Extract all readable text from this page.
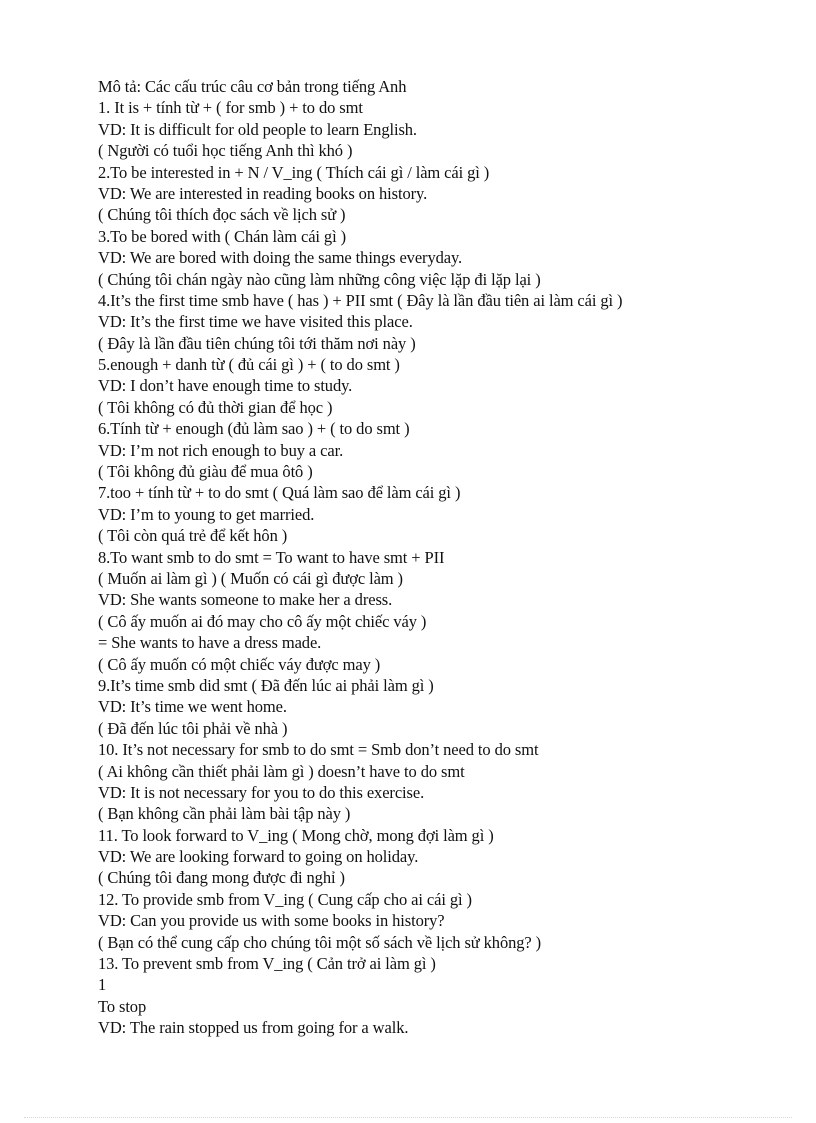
Mô tả: Các cấu trúc câu cơ bản trong tiếng Anh
1. It is + tính từ + ( for smb ) + to do smt
VD: It is difficult for old people to learn English.
( Người có tuổi học tiếng Anh thì khó )
2.To be interested in + N / V_ing ( Thích cái gì / làm cái gì )
VD: We are interested in reading books on history.
( Chúng tôi thích đọc sách về lịch sử )
3.To be bored with ( Chán làm cái gì )
VD: We are bored with doing the same things everyday.
( Chúng tôi chán ngày nào cũng làm những công việc lặp đi lặp lại )
4.It’s the first time smb have ( has ) + PII smt ( Đây là lần đầu tiên ai làm cái gì )
VD: It’s the first time we have visited this place.
( Đây là lần đầu tiên chúng tôi tới thăm nơi này )
5.enough + danh từ ( đủ cái gì ) + ( to do smt )
VD: I don’t have enough time to study.
( Tôi không có đủ thời gian để học )
6.Tính từ + enough (đủ làm sao ) + ( to do smt )
VD: I’m not rich enough to buy a car.
( Tôi không đủ giàu để mua ôtô )
7.too + tính từ + to do smt ( Quá làm sao để làm cái gì )
VD: I’m to young to get married.
( Tôi còn quá trẻ để kết hôn )
8.To want smb to do smt = To want to have smt + PII
( Muốn ai làm gì ) ( Muốn có cái gì được làm )
VD: She wants someone to make her a dress.
( Cô ấy muốn ai đó may cho cô ấy một chiếc váy )
= She wants to have a dress made.
( Cô ấy muốn có một chiếc váy được may )
9.It’s time smb did smt ( Đã đến lúc ai phải làm gì )
VD: It’s time we went home.
( Đã đến lúc tôi phải về nhà )
10. It’s not necessary for smb to do smt = Smb don’t need to do smt
( Ai không cần thiết phải làm gì ) doesn’t have to do smt
VD: It is not necessary for you to do this exercise.
( Bạn không cần phải làm bài tập này )
11. To look forward to V_ing ( Mong chờ, mong đợi làm gì )
VD: We are looking forward to going on holiday.
( Chúng tôi đang mong được đi nghỉ )
12. To provide smb from V_ing ( Cung cấp cho ai cái gì )
VD: Can you provide us with some books in history?
( Bạn có thể cung cấp cho chúng tôi một số sách về lịch sử không? )
13. To prevent smb from V_ing ( Cản trở ai làm gì )
1
To stop
VD: The rain stopped us from going for a walk.
